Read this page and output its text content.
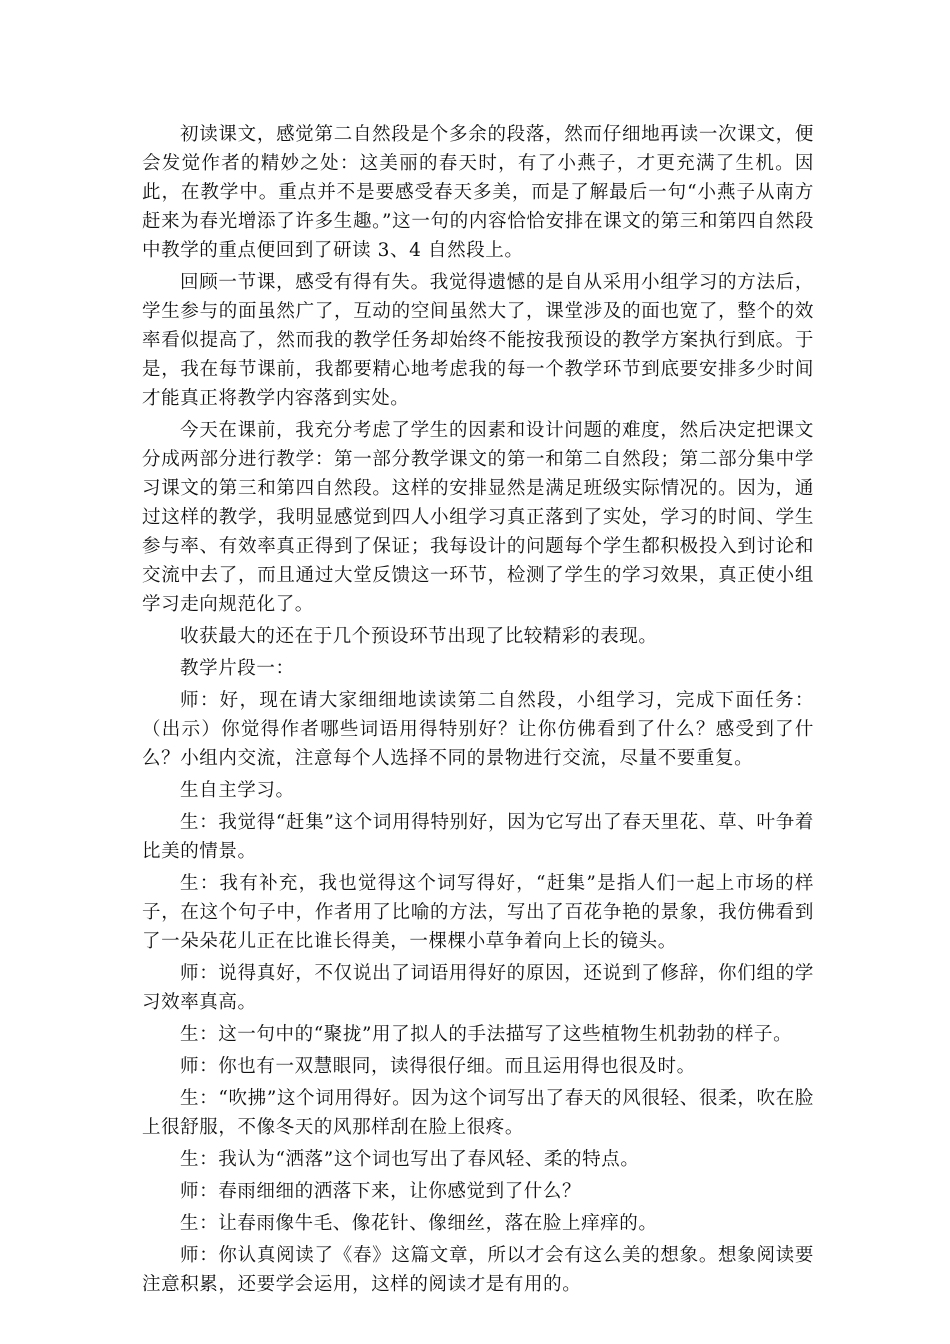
初读课文，感觉第二自然段是个多余的段落，然而仔细地再读一次课文，便会发觉作者的精妙之处：这美丽的春天时，有了小燕子，才更充满了生机。因此，在教学中。重点并不是要感受春天多美，而是了解最后一句“小燕子从南方赶来为春光增添了许多生趣。”这一句的内容恰恰安排在课文的第三和第四自然段中教学的重点便回到了研读 3、4 自然段上。

回顾一节课，感受有得有失。我觉得遗憾的是自从采用小组学习的方法后，学生参与的面虽然广了，互动的空间虽然大了，课堂涉及的面也宽了，整个的效率看似提高了，然而我的教学任务却始终不能按我预设的教学方案执行到底。于是，我在每节课前，我都要精心地考虑我的每一个教学环节到底要安排多少时间才能真正将教学内容落到实处。

今天在课前，我充分考虑了学生的因素和设计问题的难度，然后决定把课文分成两部分进行教学：第一部分教学课文的第一和第二自然段；第二部分集中学习课文的第三和第四自然段。这样的安排显然是满足班级实际情况的。因为，通过这样的教学，我明显感觉到四人小组学习真正落到了实处，学习的时间、学生参与率、有效率真正得到了保证；我每设计的问题每个学生都积极投入到讨论和交流中去了，而且通过大堂反馈这一环节，检测了学生的学习效果，真正使小组学习走向规范化了。

收获最大的还在于几个预设环节出现了比较精彩的表现。

教学片段一：

师：好，现在请大家细细地读读第二自然段，小组学习，完成下面任务：（出示）你觉得作者哪些词语用得特别好？让你仿佛看到了什么？感受到了什么？小组内交流，注意每个人选择不同的景物进行交流，尽量不要重复。

生自主学习。

生：我觉得“赶集”这个词用得特别好，因为它写出了春天里花、草、叶争着比美的情景。

生：我有补充，我也觉得这个词写得好，“赶集”是指人们一起上市场的样子，在这个句子中，作者用了比喻的方法，写出了百花争艳的景象，我仿佛看到了一朵朵花儿正在比谁长得美，一棵棵小草争着向上长的镜头。

师：说得真好，不仅说出了词语用得好的原因，还说到了修辞，你们组的学习效率真高。

生：这一句中的“聚拢”用了拟人的手法描写了这些植物生机勃勃的样子。

师：你也有一双慧眼同，读得很仔细。而且运用得也很及时。

生：“吹拂”这个词用得好。因为这个词写出了春天的风很轻、很柔，吹在脸上很舒服，不像冬天的风那样刮在脸上很疼。

生：我认为“洒落”这个词也写出了春风轻、柔的特点。

师：春雨细细的洒落下来，让你感觉到了什么？

生：让春雨像牛毛、像花针、像细丝，落在脸上痒痒的。

师：你认真阅读了《春》这篇文章，所以才会有这么美的想象。想象阅读要注意积累，还要学会运用，这样的阅读才是有用的。
